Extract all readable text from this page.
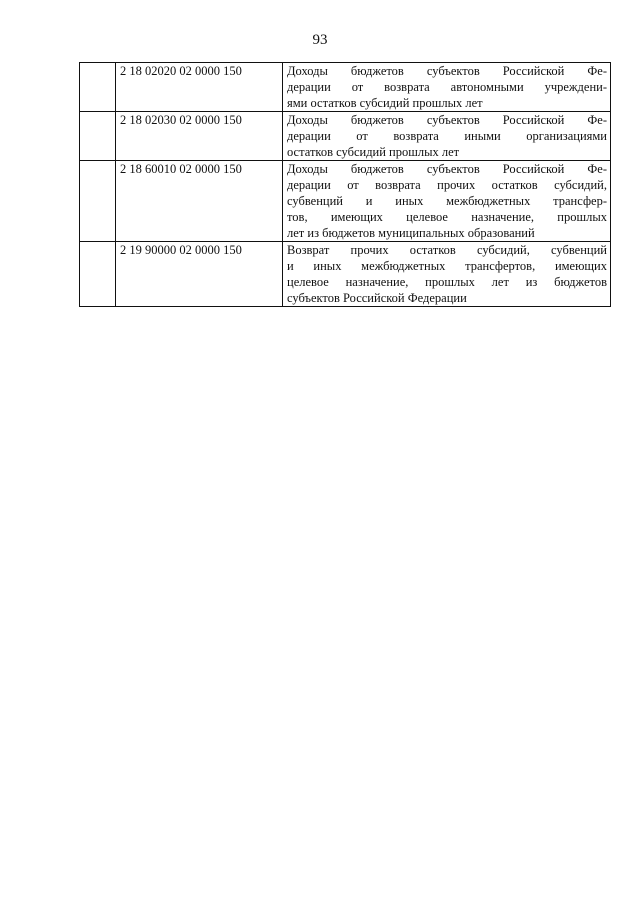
93
	2 18 02020 02 0000 150	Доходы бюджетов субъектов Российской Фе-
дерации от возврата автономными учреждени-
ями остатков субсидий прошлых лет

	2 18 02030 02 0000 150	Доходы бюджетов субъектов Российской Фе-
дерации от возврата иными организациями
остатков субсидий прошлых лет

	2 18 60010 02 0000 150	Доходы бюджетов субъектов Российской Фе-
дерации от возврата прочих остатков субсидий,
субвенций и иных межбюджетных трансфер-
тов, имеющих целевое назначение, прошлых
лет из бюджетов муниципальных образований

	2 19 90000 02 0000 150	Возврат прочих остатков субсидий, субвенций
и иных межбюджетных трансфертов, имеющих
целевое назначение, прошлых лет из бюджетов
субъектов Российской Федерации
